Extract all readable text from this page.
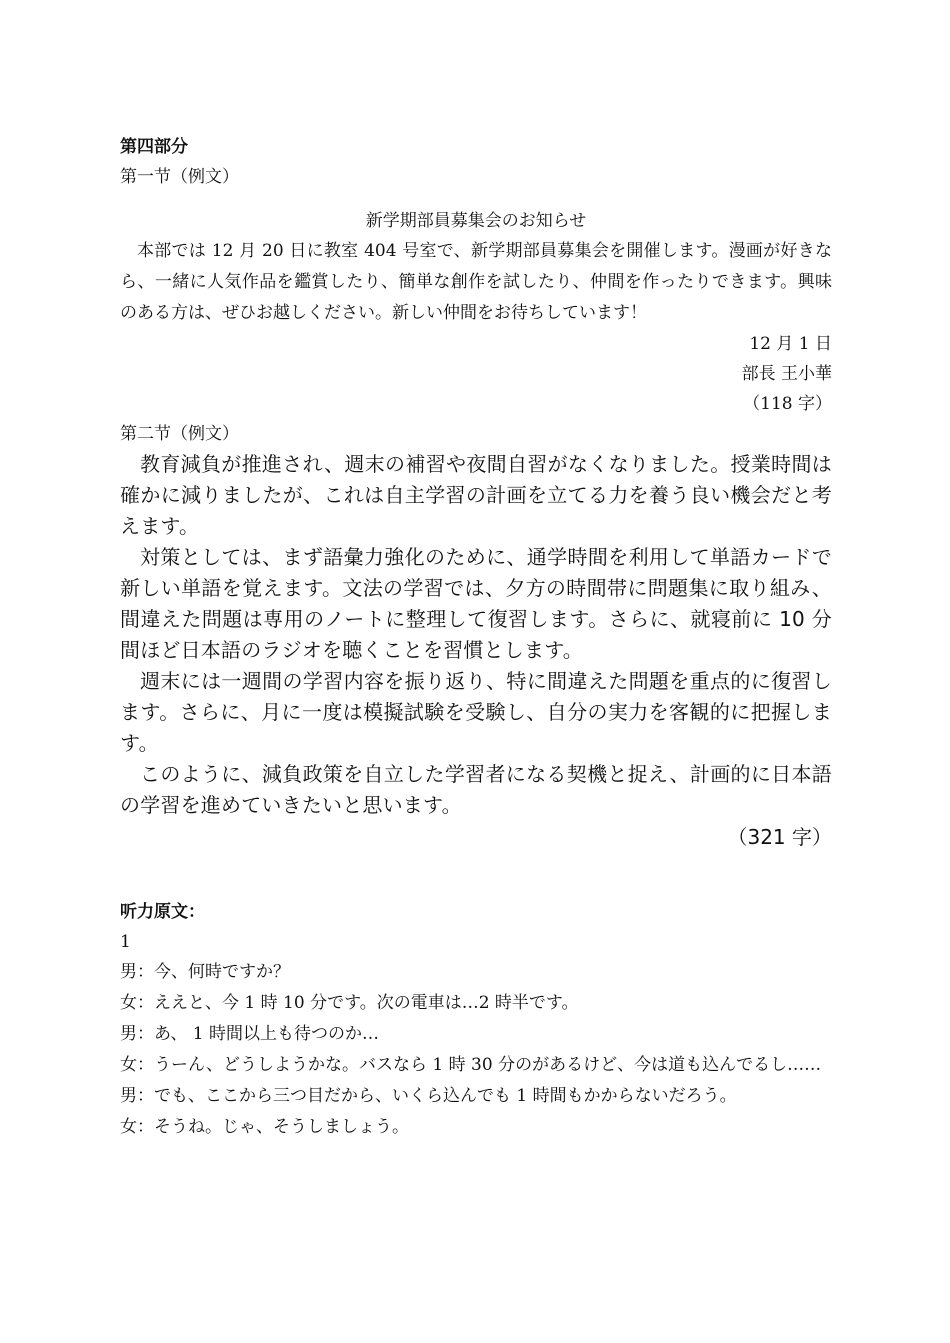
第四部分
第一节（例文）
新学期部員募集会のお知らせ

本部では 12 月 20 日に教室 404 号室で、新学期部員募集会を開催します。漫画が好きなら、一緒に人気作品を鑑賞したり、簡単な創作を試したり、仲間を作ったりできます。興味のある方は、ぜひお越しください。新しい仲間をお待ちしています！

12 月 1 日
部長 王小華
（118 字）
第二节（例文）

教育減負が推進され、週末の補習や夜間自習がなくなりました。授業時間は確かに減りましたが、これは自主学習の計画を立てる力を養う良い機会だと考えます。

対策としては、まず語彙力強化のために、通学時間を利用して単語カードで新しい単語を覚えます。文法の学習では、夕方の時間帯に問題集に取り組み、間違えた問題は専用のノートに整理して復習します。さらに、就寝前に 10 分間ほど日本語のラジオを聴くことを習慣とします。

週末には一週間の学習内容を振り返り、特に間違えた問題を重点的に復習します。さらに、月に一度は模擬試験を受験し、自分の実力を客観的に把握します。

このように、減負政策を自立した学習者になる契機と捉え、計画的に日本語の学習を進めていきたいと思います。

（321 字）
听力原文：
1

男：今、何時ですか？

女：ええと、今 1 時 10 分です。次の電車は…2 時半です。

男：あ、 1 時間以上も待つのか…

女：うーん、どうしようかな。バスなら 1 時 30 分のがあるけど、今は道も込んでるし……

男：でも、ここから三つ目だから、いくら込んでも 1 時間もかからないだろう。

女：そうね。じゃ、そうしましょう。
